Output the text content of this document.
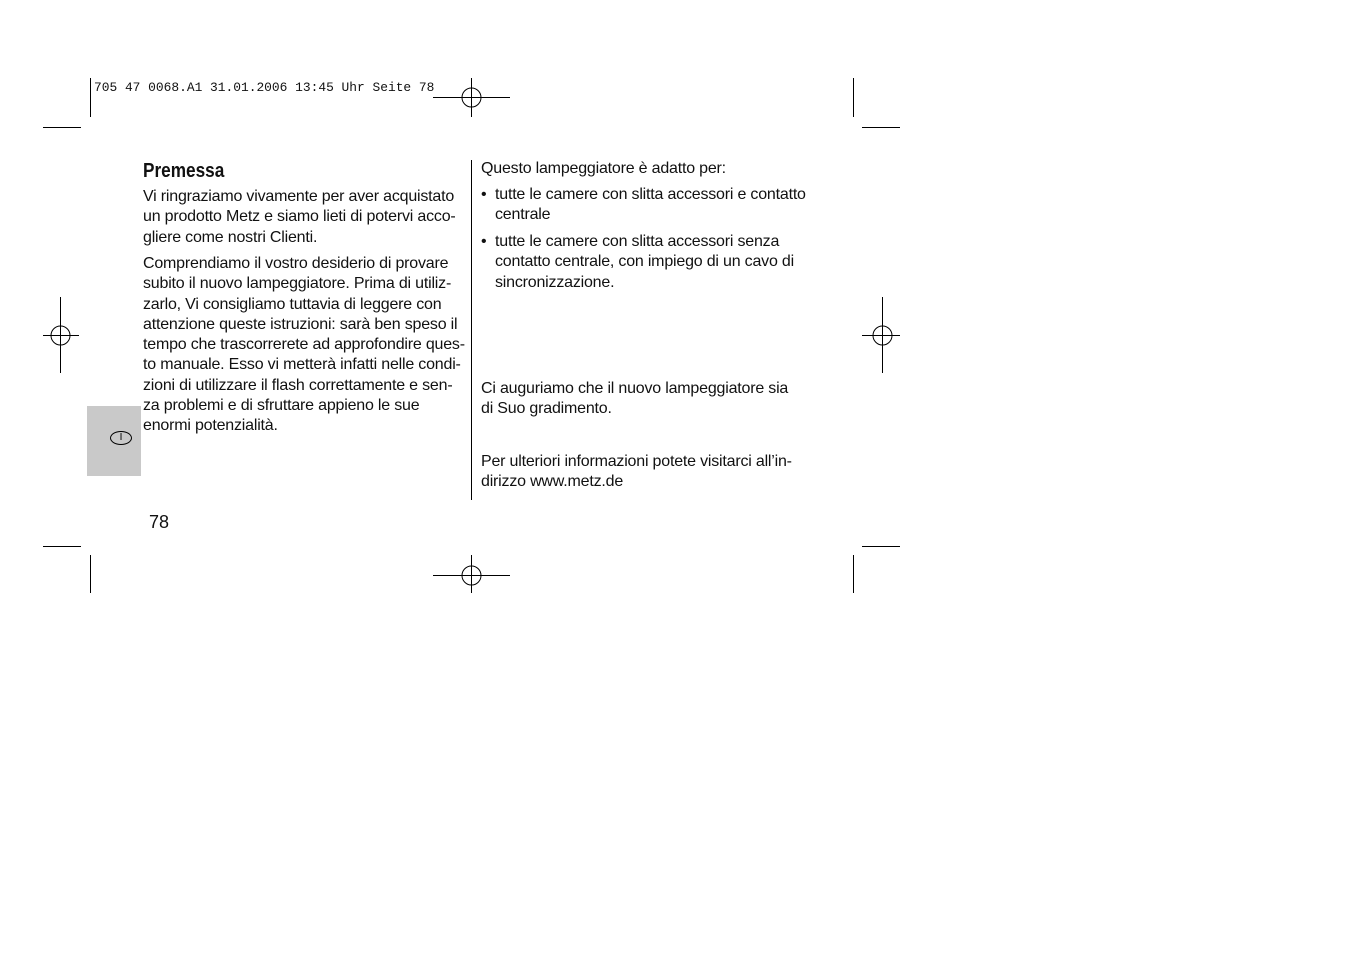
705 47 0068.A1 31.01.2006 13:45 Uhr Seite 78
Premessa
Vi ringraziamo vivamente per aver acquistato
un prodotto Metz e siamo lieti di potervi acco-
gliere come nostri Clienti.
Comprendiamo il vostro desiderio di provare
subito il nuovo lampeggiatore. Prima di utiliz-
zarlo, Vi consigliamo tuttavia di leggere con
attenzione queste istruzioni: sarà ben speso il
tempo che trascorrerete ad approfondire ques-
to manuale. Esso vi metterà infatti nelle condi-
zioni di utilizzare il flash correttamente e sen-
za problemi e di sfruttare appieno le sue
enormi potenzialità.
Questo lampeggiatore è adatto per:
• tutte le camere con slitta accessori e contatto
centrale
• tutte le camere con slitta accessori senza
contatto centrale, con impiego di un cavo di
sincronizzazione.
Ci auguriamo che il nuovo lampeggiatore sia
di Suo gradimento.
Per ulteriori informazioni potete visitarci all’in-
dirizzo www.metz.de
I
78
